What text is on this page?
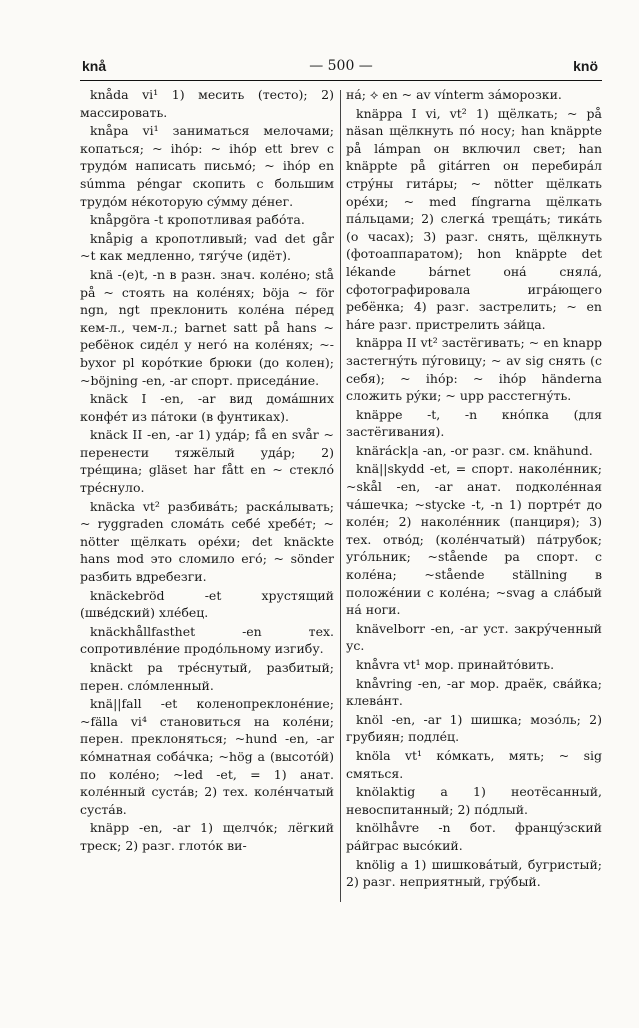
knå	— 500 —	knö

knåda vi¹ 1) месить (тесто); 2) массировать.

knåpa vi¹ заниматься мелочами; копаться; ~ ihóp: ~ ihóp ett brev с трудóм написать письмó; ~ ihóp en súmma péngar скопить с большим трудóм нéкоторую сýмму дéнег.

knåpgöra -t кропотливая рабóта.

knåpig a кропотливый; vad det går ~t как медленно, тягýче (идёт).

knä -(e)t, -n в разн. знач. колéно; stå på ~ стоять на колéнях; böja ~ för ngn, ngt преклонить колéна пéред кем-л., чем-л.; barnet satt på hans ~ ребёнок сидéл у негó на колéнях; ~-byxor pl корóткие брюки (до колен); ~böjning -en, -ar спорт. приседáние.

knäck I -en, -ar вид домáшних конфéт из пáтоки (в фунтиках).

knäck II -en, -ar 1) удáр; få en svår ~ перенести тяжёлый удáр; 2) трéщина; gläset har fått en ~ стеклó трéснуло.

knäcka vt² разбивáть; раскáлывать; ~ ryggraden сломáть себé хребéт; ~ nötter щёлкать орéхи; det knäckte hans mod это сломило егó; ~ sönder разбить вдребезги.

knäckebröd -et хрустящий (швéдский) хлéбец.

knäckhållfasthet -en тех. сопротивлéние продóльному изгибу.

knäckt pa трéснутый, разбитый; перен. слóмленный.

knä||fall -et коленопреклонéние; ~fälla vi⁴ становиться на колéни; перен. преклоняться; ~hund -en, -ar кóмнатная собáчка; ~hög a (высотóй) по колéно; ~led -et, = 1) анат. колéнный сустáв; 2) тех. колéнчатый сустáв.

knäpp -en, -ar 1) щелчóк; лёгкий треск; 2) разг. глотóк ви-

нá; ⟡ en ~ av vínterm зáморозки.

knäppa I vi, vt² 1) щёлкать; ~ på näsan щёлкнуть пó носу; han knäppte på lámpan он включил свет; han knäppte på gitárren он перебирáл стрýны гитáры; ~ nötter щёлкать орéхи; ~ med fíngrarna щёлкать пáльцами; 2) слегкá трещáть; тикáть (о часах); 3) разг. снять, щёлкнуть (фотоаппаратом); hon knäppte det lékande bárnet онá снялá, сфотографировала игрáющего ребёнка; 4) разг. застрелить; ~ en háre разг. пристрелить зáйца.

knäppa II vt² застёгивать; ~ en knapp застегнýть пýговицу; ~ av sig снять (с себя); ~ ihóp: ~ ihóp händerna сложить рýки; ~ upp расстегнýть.

knäppe -t, -n кнóпка (для застёгивания).

knäráck|a -an, -or разг. см. knähund.

knä||skydd -et, = спорт. наколéнник; ~skål -en, -ar анат. подколéнная чáшечка; ~stycke -t, -n 1) портрéт до колéн; 2) наколéнник (панциря); 3) тех. отвóд; (колéнчатый) пáтрубок; угóльник; ~stående pa спорт. с колéна; ~stående ställning в положéнии с колéна; ~svag a слáбый нá ноги.

knävelborr -en, -ar уст. закрýченный ус.

knåvra vt¹ мор. принайтóвить.

knåvring -en, -ar мор. драёк, свáйка; клевáнт.

knöl -en, -ar 1) шишка; мозóль; 2) грубиян; подлéц.

knöla vt¹ кóмкать, мять; ~ sig смяться.

knölaktig a 1) неотёсанный, невоспитанный; 2) пóдлый.

knölhåvre -n бот. францýзский рáйграс высóкий.

knölig a 1) шишковáтый, бугристый; 2) разг. неприятный, грýбый.
